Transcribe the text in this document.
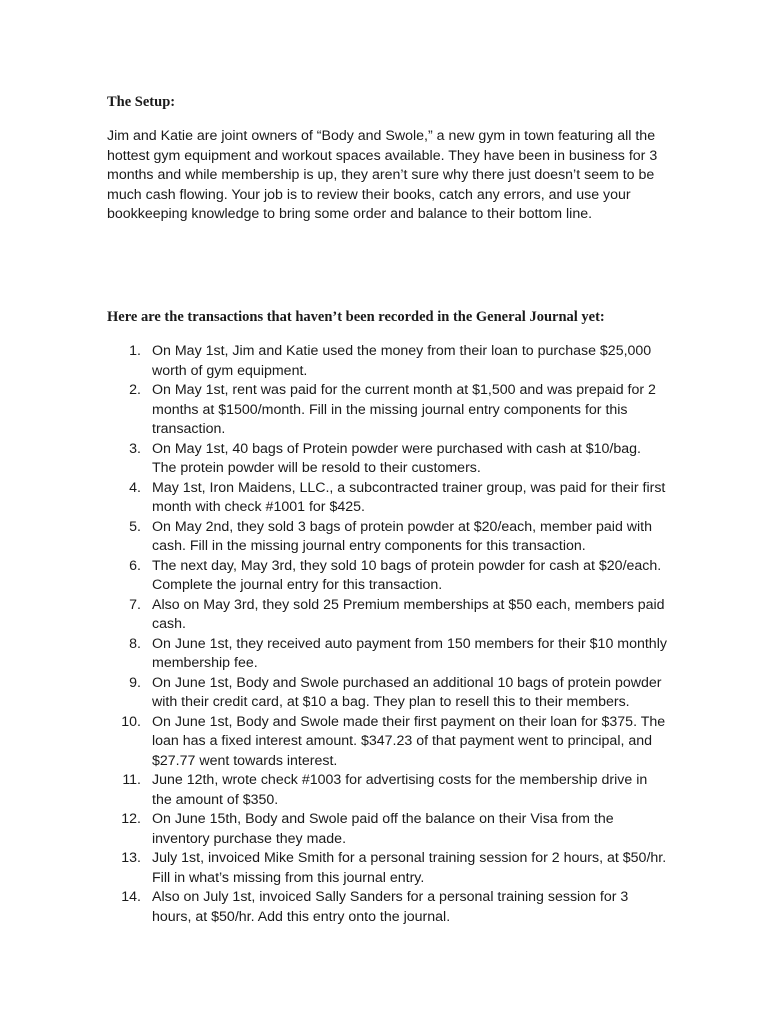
The Setup:

Jim and Katie are joint owners of “Body and Swole,” a new gym in town featuring all the hottest gym equipment and workout spaces available. They have been in business for 3 months and while membership is up, they aren’t sure why there just doesn’t seem to be much cash flowing. Your job is to review their books, catch any errors, and use your bookkeeping knowledge to bring some order and balance to their bottom line.

Here are the transactions that haven’t been recorded in the General Journal yet:
1. On May 1st, Jim and Katie used the money from their loan to purchase $25,000 worth of gym equipment.
2. On May 1st, rent was paid for the current month at $1,500 and was prepaid for 2 months at $1500/month. Fill in the missing journal entry components for this transaction.
3. On May 1st, 40 bags of Protein powder were purchased with cash at $10/bag. The protein powder will be resold to their customers.
4. May 1st, Iron Maidens, LLC., a subcontracted trainer group, was paid for their first month with check #1001 for $425.
5. On May 2nd, they sold 3 bags of protein powder at $20/each, member paid with cash. Fill in the missing journal entry components for this transaction.
6. The next day, May 3rd, they sold 10 bags of protein powder for cash at $20/each. Complete the journal entry for this transaction.
7. Also on May 3rd, they sold 25 Premium memberships at $50 each, members paid cash.
8. On June 1st, they received auto payment from 150 members for their $10 monthly membership fee.
9. On June 1st, Body and Swole purchased an additional 10 bags of protein powder with their credit card, at $10 a bag. They plan to resell this to their members.
10. On June 1st, Body and Swole made their first payment on their loan for $375. The loan has a fixed interest amount. $347.23 of that payment went to principal, and $27.77 went towards interest.
11. June 12th, wrote check #1003 for advertising costs for the membership drive in the amount of $350.
12. On June 15th, Body and Swole paid off the balance on their Visa from the inventory purchase they made.
13. July 1st, invoiced Mike Smith for a personal training session for 2 hours, at $50/hr. Fill in what’s missing from this journal entry.
14. Also on July 1st, invoiced Sally Sanders for a personal training session for 3 hours, at $50/hr. Add this entry onto the journal.
